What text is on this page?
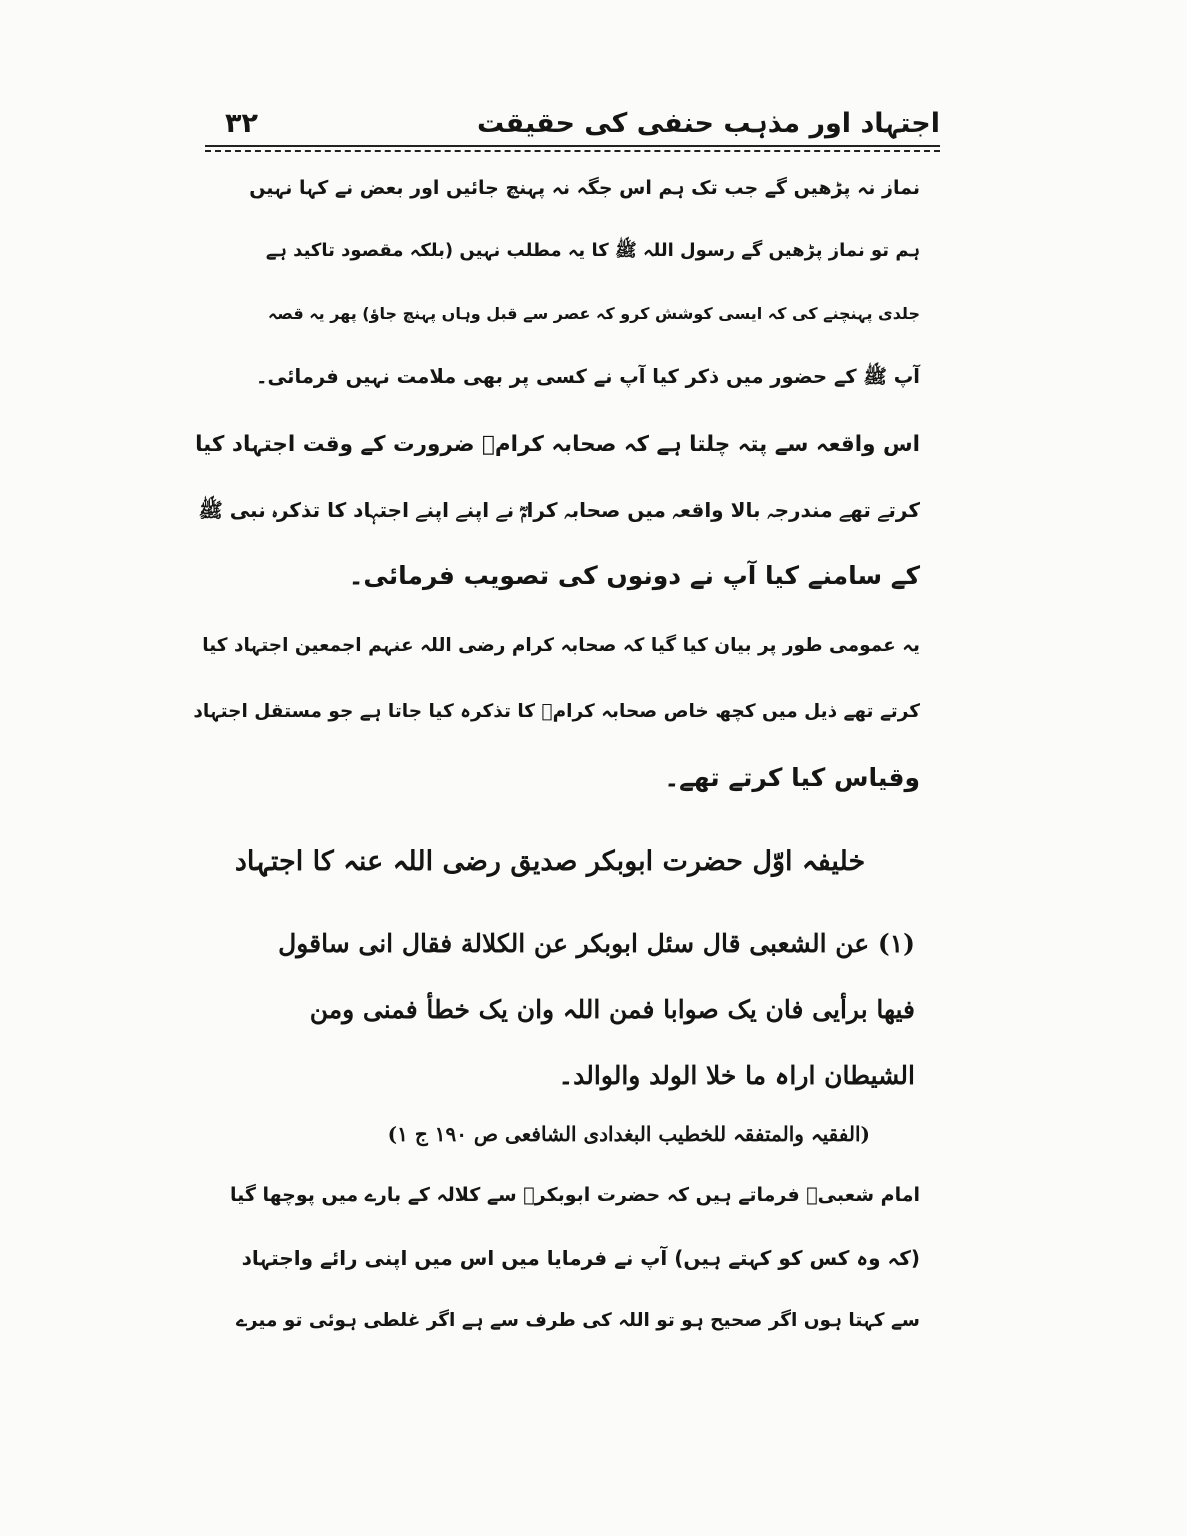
اجتہاد اور مذہب حنفی کی حقیقت
۳۲
نماز نہ پڑھیں گے جب تک ہم اس جگہ نہ پہنچ جائیں اور بعض نے کہا نہیں
ہم تو نماز پڑھیں گے رسول اللہ ﷺ کا یہ مطلب نہیں (بلکہ مقصود تاکید ہے
جلدی پہنچنے کی کہ ایسی کوشش کرو کہ عصر سے قبل وہاں پہنچ جاؤ) پھر یہ قصہ
آپ ﷺ کے حضور میں ذکر کیا آپ نے کسی پر بھی ملامت نہیں فرمائی۔
اس واقعہ سے پتہ چلتا ہے کہ صحابہ کرامؓ ضرورت کے وقت اجتہاد کیا
کرتے تھے مندرجہ بالا واقعہ میں صحابہ کرامؓ نے اپنے اپنے اجتہاد کا تذکرہ نبی ﷺ
کے سامنے کیا آپ نے دونوں کی تصویب فرمائی۔
یہ عمومی طور پر بیان کیا گیا کہ صحابہ کرام رضی اللہ عنہم اجمعین اجتہاد کیا
کرتے تھے ذیل میں کچھ خاص صحابہ کرامؓ کا تذکرہ کیا جاتا ہے جو مستقل اجتہاد
وقیاس کیا کرتے تھے۔
خلیفہ اوّل حضرت ابوبکر صدیق رضی اللہ عنہ کا اجتہاد
(۱) عن الشعبی قال سئل ابوبکر عن الکلالة فقال انی ساقول
فیها برأیی فان یک صوابا فمن اللہ وان یک خطأ فمنی ومن
الشیطان اراہ ما خلا الولد والوالد۔
(الفقیہ والمتفقہ للخطیب البغدادی الشافعی ص ۱۹۰ ج ۱)
امام شعبیؒ فرماتے ہیں کہ حضرت ابوبکرؓ سے کلالہ کے بارے میں پوچھا گیا
(کہ وہ کس کو کہتے ہیں) آپ نے فرمایا میں اس میں اپنی رائے واجتہاد
سے کہتا ہوں اگر صحیح ہو تو اللہ کی طرف سے ہے اگر غلطی ہوئی تو میرے
